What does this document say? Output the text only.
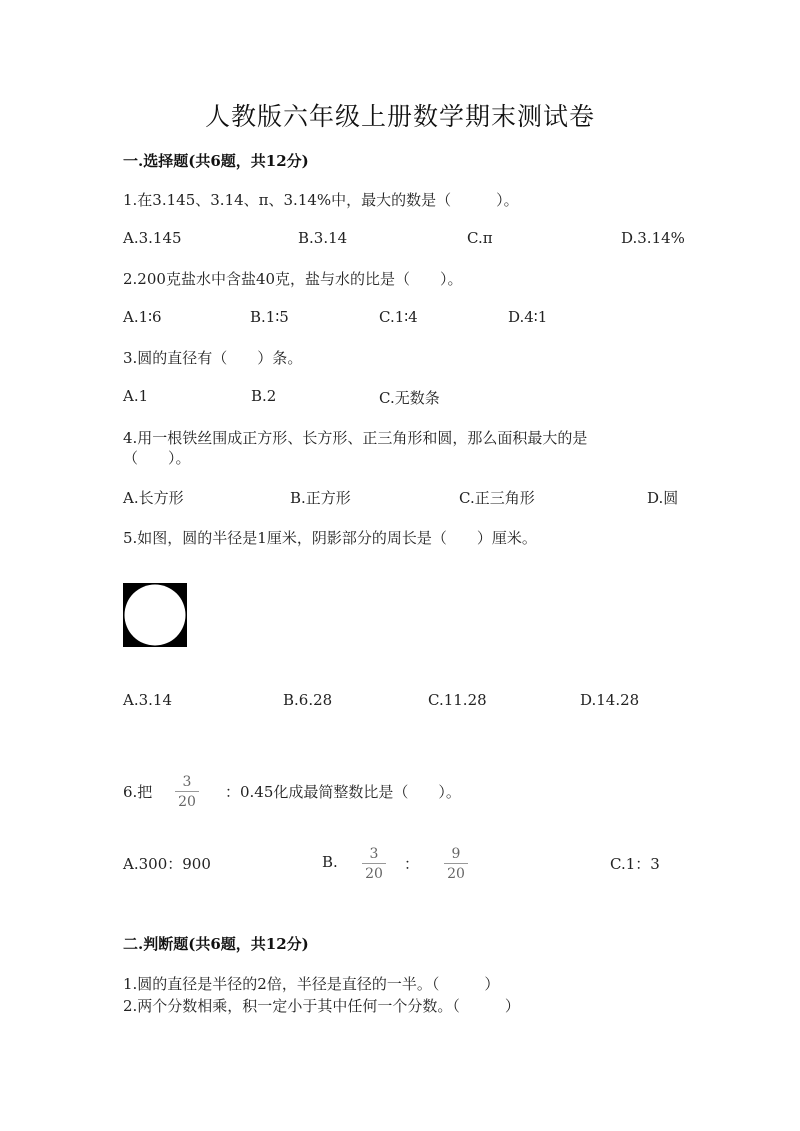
人教版六年级上册数学期末测试卷
一.选择题(共6题，共12分)
1.在3.145、3.14、π、3.14%中，最大的数是（　　　）。
A.3.145	B.3.14	C.π	D.3.14%
2.200克盐水中含盐40克，盐与水的比是（　　）。
A.1∶6	B.1∶5	C.1∶4	D.4∶1
3.圆的直径有（　　）条。
A.1	B.2	C.无数条
4.用一根铁丝围成正方形、长方形、正三角形和圆，那么面积最大的是
（　　）。
A.长方形	B.正方形	C.正三角形	D.圆
5.如图，圆的半径是1厘米，阴影部分的周长是（　　）厘米。
A.3.14	B.6.28	C.11.28	D.14.28
6.把
3
20
：0.45化成最简整数比是（　　）。
A.300：900	B.	3
20
：
9
20
C.1：3
二.判断题(共6题，共12分)
1.圆的直径是半径的2倍，半径是直径的一半。（　　　）
2.两个分数相乘，积一定小于其中任何一个分数。（　　　）
